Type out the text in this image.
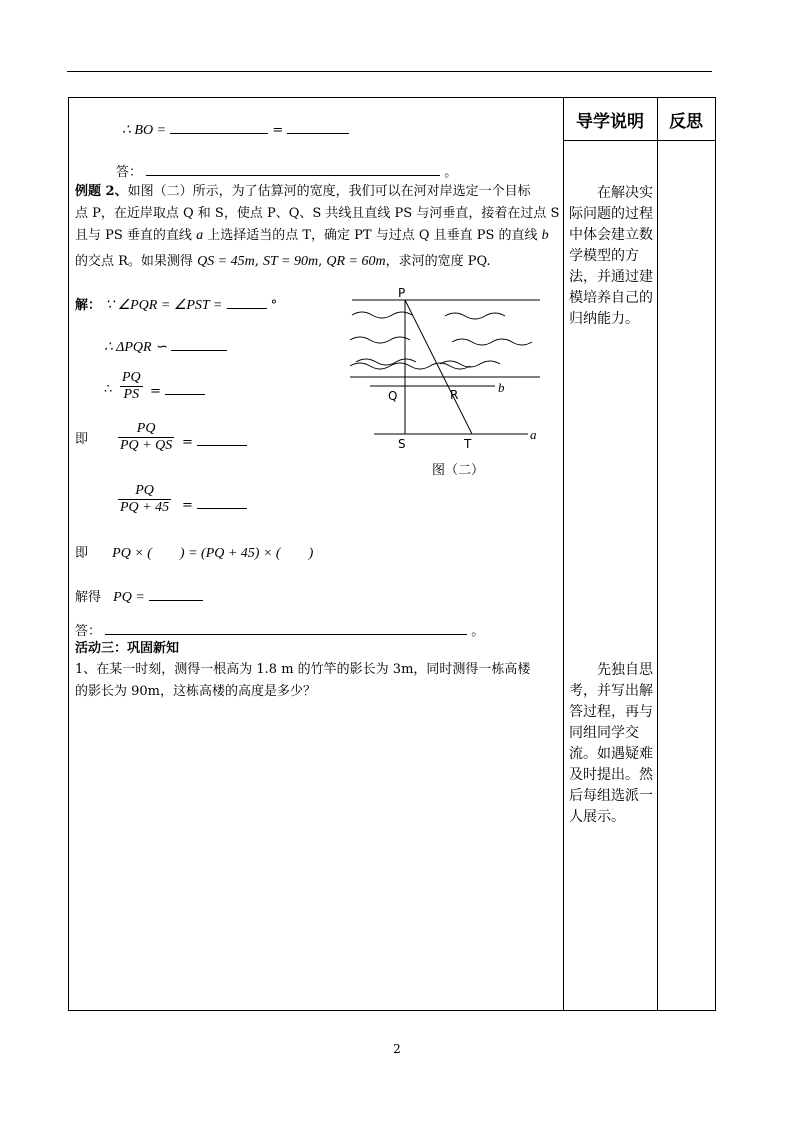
导学说明	反思
在解决实际问题的过程中体会建立数学模型的方法，并通过建模培养自己的归纳能力。
先独自思考，并写出解答过程，再与同组同学交流。如遇疑难及时提出。然后每组选派一人展示。
∴ BO =	=
答：	。
例题 2、如图（二）所示，为了估算河的宽度，我们可以在河对岸选定一个目标
点 P，在近岸取点 Q 和 S，使点 P、Q、S 共线且直线 PS 与河垂直，接着在过点 S
且与 PS 垂直的直线 a 上选择适当的点 T，确定 PT 与过点 Q 且垂直 PS 的直线 b
的交点 R。如果测得 QS = 45m, ST = 90m, QR = 60m，求河的宽度 PQ.
解： ∵ ∠PQR = ∠PST =	°
∴ ΔPQR ∽
∴
PQ
PS =
即
PQ
PQ + QS =
PQ
PQ + 45 =
即 PQ × (        ) = (PQ + 45) × (        )
解得 PQ =
答：	。
活动三：巩固新知
1、在某一时刻，测得一根高为 1.8 m 的竹竿的影长为 3m，同时测得一栋高楼
的影长为 90m，这栋高楼的高度是多少？
P
Q	R	b
S	T
a
图（二）
2
